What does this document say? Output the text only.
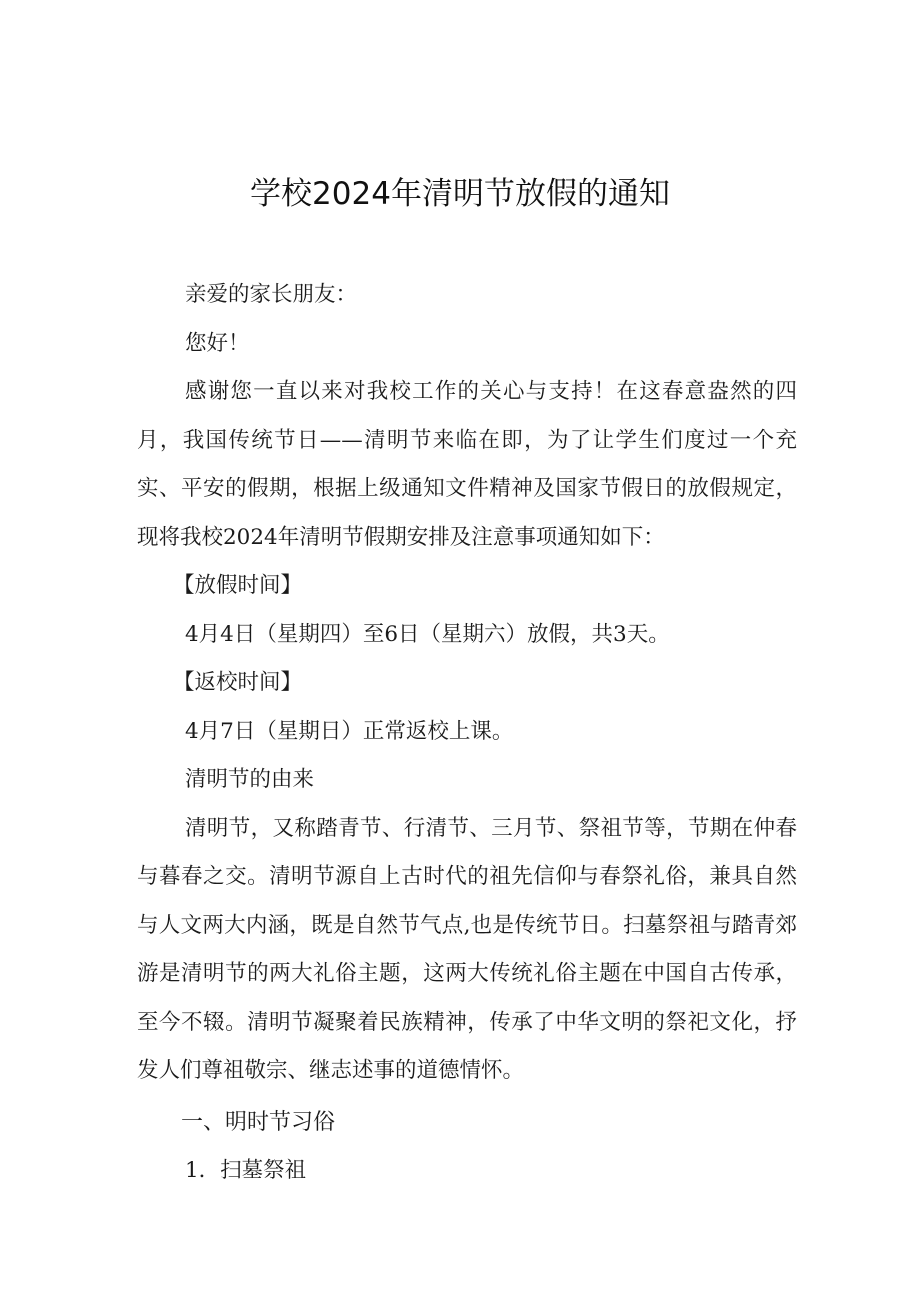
学校2024年清明节放假的通知

亲爱的家长朋友：

您好！

感谢您一直以来对我校工作的关心与支持！在这春意盎然的四月，我国传统节日——清明节来临在即，为了让学生们度过一个充实、平安的假期，根据上级通知文件精神及国家节假日的放假规定，现将我校2024年清明节假期安排及注意事项通知如下：

【放假时间】

4月4日（星期四）至6日（星期六）放假，共3天。

【返校时间】

4月7日（星期日）正常返校上课。

清明节的由来

清明节，又称踏青节、行清节、三月节、祭祖节等，节期在仲春与暮春之交。清明节源自上古时代的祖先信仰与春祭礼俗，兼具自然与人文两大内涵，既是自然节气点,也是传统节日。扫墓祭祖与踏青郊游是清明节的两大礼俗主题，这两大传统礼俗主题在中国自古传承，至今不辍。清明节凝聚着民族精神，传承了中华文明的祭祀文化，抒发人们尊祖敬宗、继志述事的道德情怀。

一、明时节习俗

1．扫墓祭祖
